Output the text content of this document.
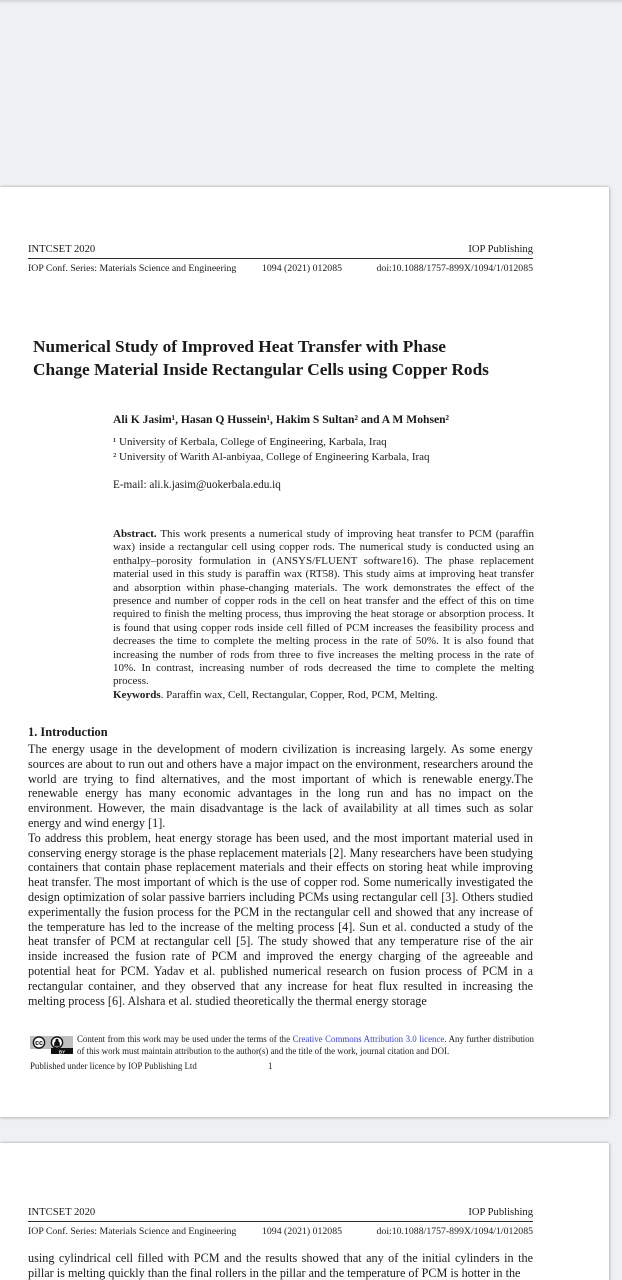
INTCSET 2020	IOP Publishing
IOP Conf. Series: Materials Science and Engineering	1094 (2021) 012085	doi:10.1088/1757-899X/1094/1/012085
Numerical Study of Improved Heat Transfer with Phase
Change Material Inside Rectangular Cells using Copper Rods
Ali K Jasim¹, Hasan Q Hussein¹, Hakim S Sultan² and A M Mohsen²
¹ University of Kerbala, College of Engineering, Karbala, Iraq
² University of Warith Al-anbiyaa, College of Engineering Karbala, Iraq
E-mail: ali.k.jasim@uokerbala.edu.iq

Abstract. This work presents a numerical study of improving heat transfer to PCM (paraffin wax) inside a rectangular cell using copper rods. The numerical study is conducted using an enthalpy–porosity formulation in (ANSYS/FLUENT software16). The phase replacement material used in this study is paraffin wax (RT58). This study aims at improving heat transfer and absorption within phase-changing materials. The work demonstrates the effect of the presence and number of copper rods in the cell on heat transfer and the effect of this on time required to finish the melting process, thus improving the heat storage or absorption process. It is found that using copper rods inside cell filled of PCM increases the feasibility process and decreases the time to complete the melting process in the rate of 50%. It is also found that increasing the number of rods from three to five increases the melting process in the rate of 10%. In contrast, increasing number of rods decreased the time to complete the melting process.

Keywords. Paraffin wax, Cell, Rectangular, Copper, Rod, PCM, Melting.

1. Introduction

The energy usage in the development of modern civilization is increasing largely. As some energy sources are about to run out and others have a major impact on the environment, researchers around the world are trying to find alternatives, and the most important of which is renewable energy.The renewable energy has many economic advantages in the long run and has no impact on the environment. However, the main disadvantage is the lack of availability at all times such as solar energy and wind energy [1].

To address this problem, heat energy storage has been used, and the most important material used in conserving energy storage is the phase replacement materials [2]. Many researchers have been studying containers that contain phase replacement materials and their effects on storing heat while improving heat transfer. The most important of which is the use of copper rod. Some numerically investigated the design optimization of solar passive barriers including PCMs using rectangular cell [3]. Others studied experimentally the fusion process for the PCM in the rectangular cell and showed that any increase of the temperature has led to the increase of the melting process [4]. Sun et al. conducted a study of the heat transfer of PCM at rectangular cell [5]. The study showed that any temperature rise of the air inside increased the fusion rate of PCM and improved the energy charging of the agreeable and potential heat for PCM. Yadav et al. published numerical research on fusion process of PCM in a rectangular container, and they observed that any increase for heat flux resulted in increasing the melting process [6]. Alshara et al. studied theoretically the thermal energy storage

cc
BY
Content from this work may be used under the terms of the Creative Commons Attribution 3.0 licence. Any further distribution of this work must maintain attribution to the author(s) and the title of the work, journal citation and DOI.
Published under licence by IOP Publishing Ltd	1
INTCSET 2020	IOP Publishing
IOP Conf. Series: Materials Science and Engineering	1094 (2021) 012085	doi:10.1088/1757-899X/1094/1/012085

using cylindrical cell filled with PCM and the results showed that any of the initial cylinders in the pillar is melting quickly than the final rollers in the pillar and the temperature of PCM is hotter in the
